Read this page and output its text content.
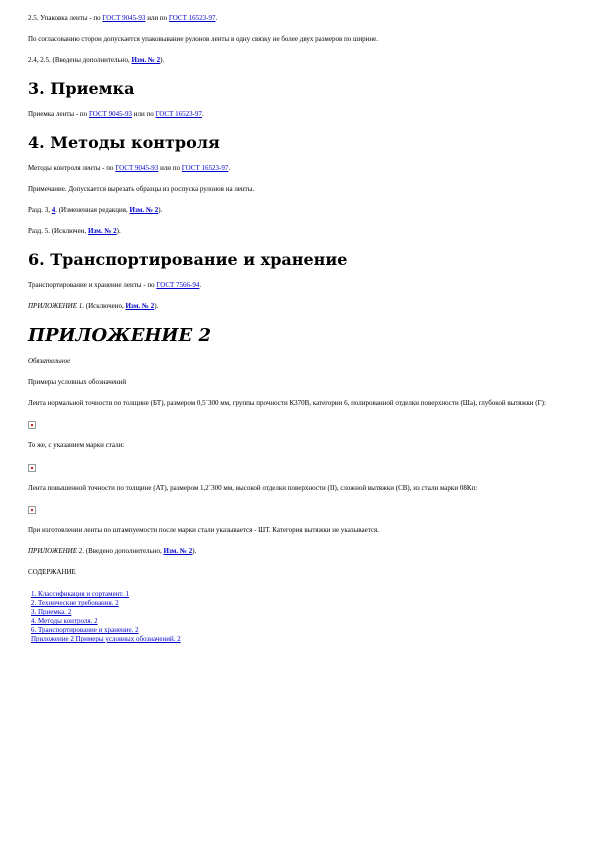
2.5. Упаковка ленты - по ГОСТ 9045-93 или по ГОСТ 16523-97.

По согласованию сторон допускается упаковывание рулонов ленты в одну связку не более двух размеров по ширине.

2.4, 2.5. (Введены дополнительно, Изм. № 2).

3. Приемка

Приемка ленты - по ГОСТ 9045-93 или по ГОСТ 16523-97.

4. Методы контроля

Методы контроля ленты - по ГОСТ 9045-93 или по ГОСТ 16523-97.

Примечание. Допускается вырезать образцы из роспуска рулонов на ленты.

Разд. 3, 4. (Измененная редакция, Изм. № 2).

Разд. 5. (Исключен, Изм. № 2).

6. Транспортирование и хранение

Транспортирование и хранение ленты - по ГОСТ 7566-94.

ПРИЛОЖЕНИЕ 1. (Исключено, Изм. № 2).

ПРИЛОЖЕНИЕ 2

Обязательное

Примеры условных обозначений

Лента нормальной точности по толщине (БТ), размером 0,5´300 мм, группы прочности К370В, категории 6, полированной отделки поверхности (Ша), глубокой вытяжки (Г):

То же, с указанием марки стали:

Лента повышенной точности по толщине (АТ), размером 1,2´300 мм, высокой отделки поверхности (II), сложной вытяжки (СВ), из стали марки 08Кп:

При изготовлении ленты по штампуемости после марки стали указывается - ШТ. Категория вытяжки не указывается.

ПРИЛОЖЕНИЕ 2. (Введено дополнительно, Изм. № 2).

СОДЕРЖАНИЕ

1. Классификация и сортамент. 1
2. Технические требования. 2
3. Приемка. 2
4. Методы контроля. 2
6. Транспортирование и хранение. 2
Приложение 2 Примеры условных обозначений. 2
